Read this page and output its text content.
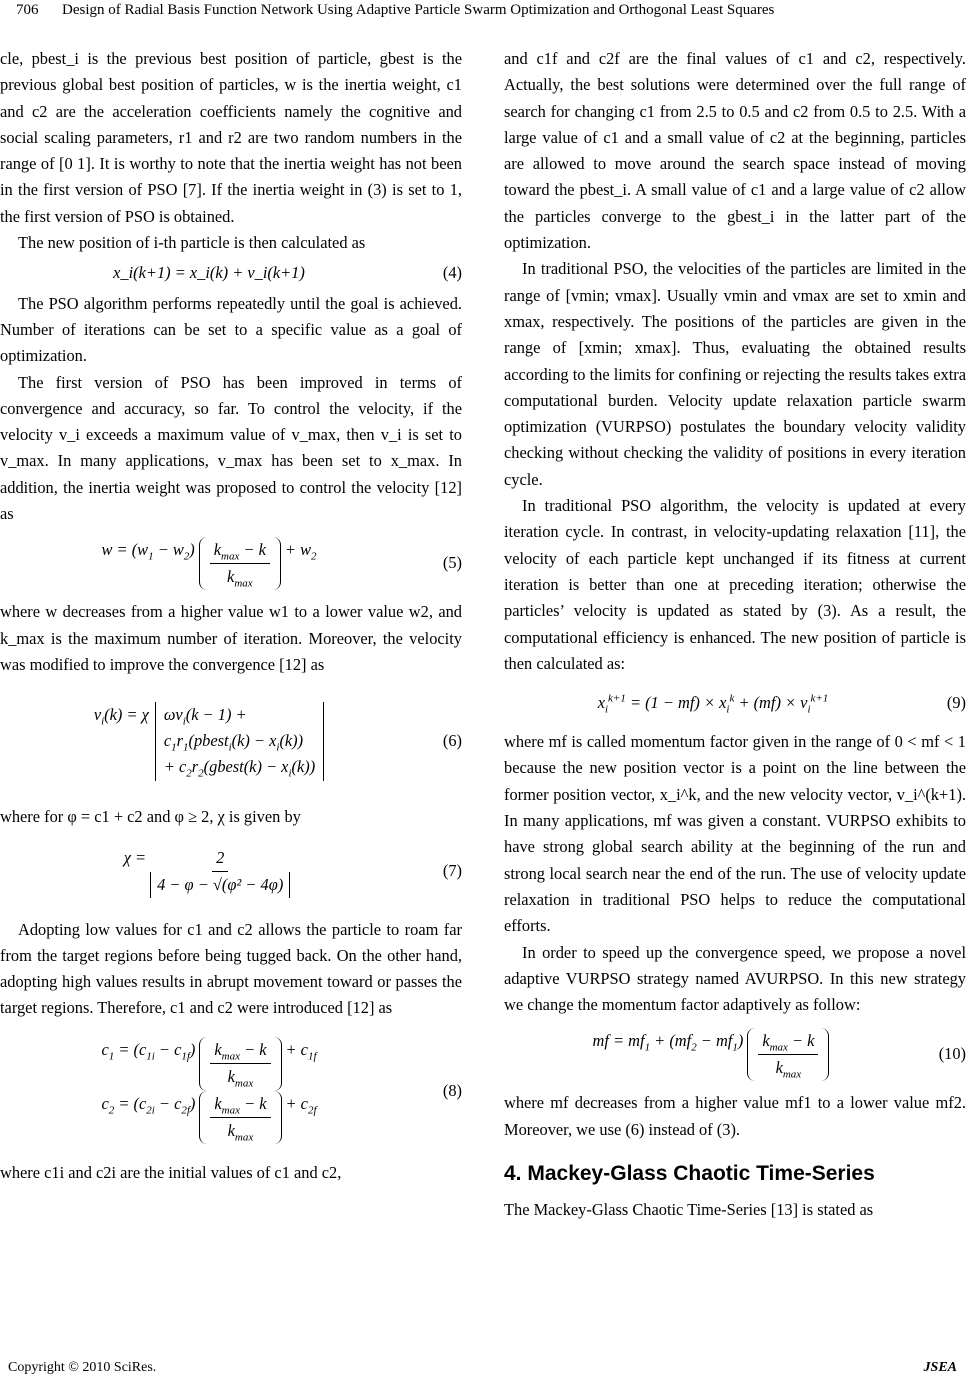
706 Design of Radial Basis Function Network Using Adaptive Particle Swarm Optimization and Orthogonal Least Squares

cle, pbest_i is the previous best position of particle, gbest is the previous global best position of particles, w is the inertia weight, c1 and c2 are the acceleration coefficients namely the cognitive and social scaling parameters, r1 and r2 are two random numbers in the range of [0 1]. It is worthy to note that the inertia weight has not been in the first version of PSO [7]. If the inertia weight in (3) is set to 1, the first version of PSO is obtained.

The new position of i-th particle is then calculated as

x_i(k+1) = x_i(k) + v_i(k+1)	(4)

The PSO algorithm performs repeatedly until the goal is achieved. Number of iterations can be set to a specific value as a goal of optimization.

The first version of PSO has been improved in terms of convergence and accuracy, so far. To control the velocity, if the velocity v_i exceeds a maximum value of v_max, then v_i is set to v_max. In many applications, v_max has been set to x_max. In addition, the inertia weight was proposed to control the velocity [12] as

$w = (w_1 - w_2) \frac{k_{max} - k}{k_{max}} + w_2$	(5)

where w decreases from a higher value w1 to a lower value w2, and k_max is the maximum number of iteration. Moreover, the velocity was modified to improve the convergence [12] as

$v_i(k) = \chi$ $\omega v_i(k - 1)$ +
$c_1r_1(pbest_i(k) - x_i(k))$
+ $c_2r_2(gbest(k) - x_i(k))$
(6)

where for φ = c1 + c2 and φ ≥ 2, χ is given by

$\chi = \frac{2}{\text{4 − φ − √(φ² − 4φ)}}$	(7)

Adopting low values for c1 and c2 allows the particle to roam far from the target regions before being tugged back. On the other hand, adopting high values results in abrupt movement toward or passes the target regions. Therefore, c1 and c2 were introduced [12] as

$c_1 = (c_{1i} - c_{1f}) \frac{k_{max} - k}{k_{max}} + c_{1f}$
$c_2 = (c_{2i} - c_{2f}) \frac{k_{max} - k}{k_{max}} + c_{2f}$
(8)

where c1i and c2i are the initial values of c1 and c2,

and c1f and c2f are the final values of c1 and c2, respectively. Actually, the best solutions were determined over the full range of search for changing c1 from 2.5 to 0.5 and c2 from 0.5 to 2.5. With a large value of c1 and a small value of c2 at the beginning, particles are allowed to move around the search space instead of moving toward the pbest_i. A small value of c1 and a large value of c2 allow the particles converge to the gbest_i in the latter part of the optimization.

In traditional PSO, the velocities of the particles are limited in the range of [vmin; vmax]. Usually vmin and vmax are set to xmin and xmax, respectively. The positions of the particles are given in the range of [xmin; xmax]. Thus, evaluating the obtained results according to the limits for confining or rejecting the results takes extra computational burden. Velocity update relaxation particle swarm optimization (VURPSO) postulates the boundary velocity validity checking without checking the validity of positions in every iteration cycle.

In traditional PSO algorithm, the velocity is updated at every iteration cycle. In contrast, in velocity-updating relaxation [11], the velocity of each particle kept unchanged if its fitness at current iteration is better than one at preceding iteration; otherwise the particles’ velocity is updated as stated by (3). As a result, the computational efficiency is enhanced. The new position of particle is then calculated as:

$x_i^{k+1} = (1 - mf) \times x_i^k + (mf) \times v_i^{k+1}$	(9)

where mf is called momentum factor given in the range of 0 < mf < 1 because the new position vector is a point on the line between the former position vector, x_i^k, and the new velocity vector, v_i^(k+1). In many applications, mf was given a constant. VURPSO exhibits to have strong global search ability at the beginning of the run and strong local search near the end of the run. The use of velocity update relaxation in traditional PSO helps to reduce the computational efforts.

In order to speed up the convergence speed, we propose a novel adaptive VURPSO strategy named AVURPSO. In this new strategy we change the momentum factor adaptively as follow:

mf = $mf_1 + (mf_2 - mf_1) \frac{k_{max} - k}{k_{max}}$	(10)

where mf decreases from a higher value mf1 to a lower value mf2. Moreover, we use (6) instead of (3).

4. Mackey-Glass Chaotic Time-Series

The Mackey-Glass Chaotic Time-Series [13] is stated as

Copyright © 2010 SciRes.	JSEA
